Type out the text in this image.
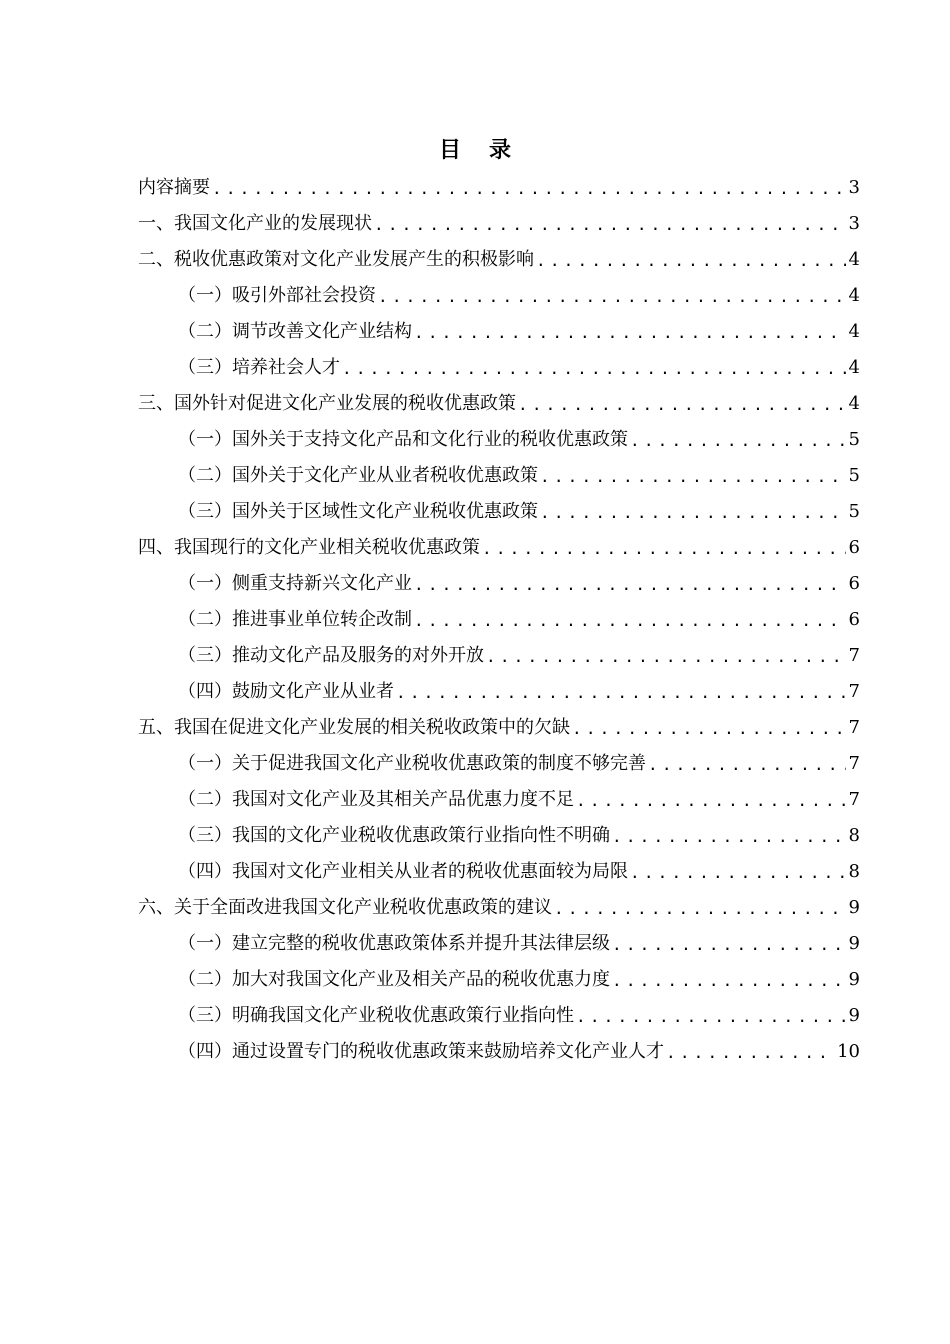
目 录
内容摘要 .....	3
一、我国文化产业的发展现状 .....	3
二、税收优惠政策对文化产业发展产生的积极影响 .....	4
（一）吸引外部社会投资 .....	4
（二）调节改善文化产业结构 .....	4
（三）培养社会人才 .....	4
三、国外针对促进文化产业发展的税收优惠政策 .....	4
（一）国外关于支持文化产品和文化行业的税收优惠政策 .....	5
（二）国外关于文化产业从业者税收优惠政策 .....	5
（三）国外关于区域性文化产业税收优惠政策 .....	5
四、我国现行的文化产业相关税收优惠政策 .....	6
（一）侧重支持新兴文化产业 .....	6
（二）推进事业单位转企改制 .....	6
（三）推动文化产品及服务的对外开放 .....	7
（四）鼓励文化产业从业者 .....	7
五、我国在促进文化产业发展的相关税收政策中的欠缺 .....	7
（一）关于促进我国文化产业税收优惠政策的制度不够完善 .....	7
（二）我国对文化产业及其相关产品优惠力度不足 .....	7
（三）我国的文化产业税收优惠政策行业指向性不明确 .....	8
（四）我国对文化产业相关从业者的税收优惠面较为局限 .....	8
六、关于全面改进我国文化产业税收优惠政策的建议 .....	9
（一）建立完整的税收优惠政策体系并提升其法律层级 .....	9
（二）加大对我国文化产业及相关产品的税收优惠力度 .....	9
（三）明确我国文化产业税收优惠政策行业指向性 .....	9
（四）通过设置专门的税收优惠政策来鼓励培养文化产业人才 .....	10
